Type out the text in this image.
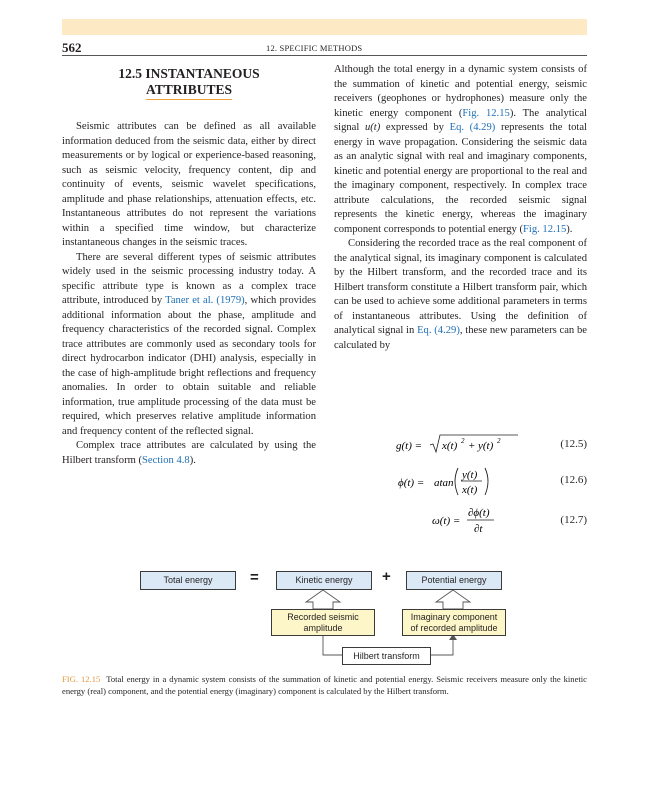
562	12. SPECIFIC METHODS
12.5 INSTANTANEOUS
ATTRIBUTES

Seismic attributes can be defined as all available information deduced from the seismic data, either by direct measurements or by logical or experience-based reasoning, such as seismic velocity, frequency content, dip and continuity of events, seismic wavelet specifications, amplitude and phase relationships, attenuation effects, etc. Instantaneous attributes do not represent the variations within a specified time window, but characterize instantaneous changes in the seismic traces.

There are several different types of seismic attributes widely used in the seismic processing industry today. A specific attribute type is known as a complex trace attribute, introduced by Taner et al. (1979), which provides additional information about the phase, amplitude and frequency characteristics of the recorded signal. Complex trace attributes are commonly used as secondary tools for direct hydrocarbon indicator (DHI) analysis, especially in the case of high-amplitude bright reflections and frequency anomalies. In order to obtain suitable and reliable information, true amplitude processing of the data must be required, which preserves relative amplitude information and frequency content of the reflected signal.

Complex trace attributes are calculated by using the Hilbert transform (Section 4.8).

Although the total energy in a dynamic system consists of the summation of kinetic and potential energy, seismic receivers (geophones or hydrophones) measure only the kinetic energy component (Fig. 12.15). The analytical signal u(t) expressed by Eq. (4.29) represents the total energy in wave propagation. Considering the seismic data as an analytic signal with real and imaginary components, kinetic and potential energy are proportional to the real and the imaginary component, respectively. In complex trace attribute calculations, the recorded seismic signal represents the kinetic energy, whereas the imaginary component corresponds to potential energy (Fig. 12.15).

Considering the recorded trace as the real component of the analytical signal, its imaginary component is calculated by the Hilbert transform, and the recorded trace and its Hilbert transform constitute a Hilbert transform pair, which can be used to achieve some additional parameters in terms of instantaneous attributes. Using the definition of analytical signal in Eq. (4.29), these new parameters can be calculated by

g(t) = x(t) 2 + y(t) 2	(12.5)
ϕ(t) = atan
y(t)
x(t)
(12.6)
ω(t) =
∂ϕ(t)
∂t
(12.7)
Total energy	=	Kinetic energy	+	Potential energy
Recorded seismic
amplitude
Imaginary component
of recorded amplitude
Hilbert transform
FIG. 12.15 Total energy in a dynamic system consists of the summation of kinetic and potential energy. Seismic receivers measure only the kinetic energy (real) component, and the potential energy (imaginary) component is calculated by the Hilbert transform.
